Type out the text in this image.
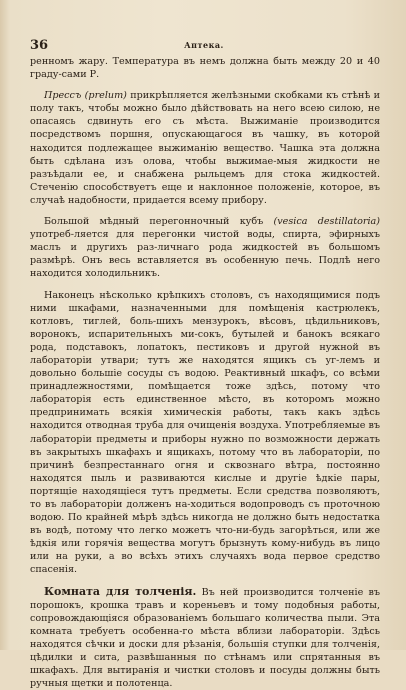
36	Аптека.

ренномъ жару. Температура въ немъ должна быть между 20 и 40 граду-сами Р.

Прессъ (prelum) прикрѣпляется желѣзными скобками къ стѣнѣ и полу такъ, чтобы можно было дѣйствовать на него всею силою, не опасаясь сдвинуть его съ мѣста. Выжиманіе производится посредствомъ поршня, опускающагося въ чашку, въ которой находится подлежащее выжиманію вещество. Чашка эта должна быть сдѣлана изъ олова, чтобы выжимае-мыя жидкости не разъѣдали ее, и снабжена рыльцемъ для стока жидкостей. Стеченію способствуетъ еще и наклонное положеніе, которое, въ случаѣ надобности, придается всему прибору.

Большой мѣдный перегонночный кубъ (vesica destillatoria) употреб-ляется для перегонки чистой воды, спирта, эфирныхъ маслъ и другихъ раз-личнаго рода жидкостей въ большомъ размѣрѣ. Онъ весь вставляется въ особенную печь. Подлѣ него находится холодильникъ.

Наконецъ нѣсколько крѣпкихъ столовъ, съ находящимися подъ ними шкафами, назначенными для помѣщенія кастрюлекъ, котловъ, тиглей, боль-шихъ мензурокъ, вѣсовъ, цѣдильниковъ, воронокъ, испарительныхъ ми-сокъ, бутылей и банокъ всякаго рода, подставокъ, лопатокъ, пестиковъ и другой нужной въ лабораторіи утвари; тутъ же находятся ящикъ съ уг-лемъ и довольно большіе сосуды съ водою. Реактивный шкафъ, со всѣми принадлежностями, помѣщается тоже здѣсь, потому что лабораторія есть единственное мѣсто, въ которомъ можно предпринимать всякія химическія работы, такъ какъ здѣсь находится отводная труба для очищенія воздуха. Употребляемые въ лабораторіи предметы и приборы нужно по возможности держать въ закрытыхъ шкафахъ и ящикахъ, потому что въ лабораторіи, по причинѣ безпрестаннаго огня и сквознаго вѣтра, постоянно находятся пыль и развиваются кислые и другіе ѣдкіе пары, портящіе находящіеся тутъ предметы. Если средства позволяютъ, то въ лабораторіи долженъ на-ходиться водопроводъ съ проточною водою. По крайней мѣрѣ здѣсь никогда не должно быть недостатка въ водѣ, потому что легко можетъ что-ни-будь загорѣться, или же ѣдкія или горячія вещества могутъ брызнуть кому-нибудь въ лицо или на руки, а во всѣхъ этихъ случаяхъ вода первое средство спасенія.

Комната для толченія. Въ ней производится толченіе въ порошокъ, крошка травъ и кореньевъ и тому подобныя работы, сопровождающіяся образованіемъ большаго количества пыли. Эта комната требуетъ особенна-го мѣста вблизи лабораторіи. Здѣсь находятся сѣчки и доски для рѣзанія, большія ступки для толченія, цѣдилки и сита, развѣшанныя по стѣнамъ или спрятанныя въ шкафахъ. Для вытиранія и чистки столовъ и посуды должны быть ручныя щетки и полотенца.
